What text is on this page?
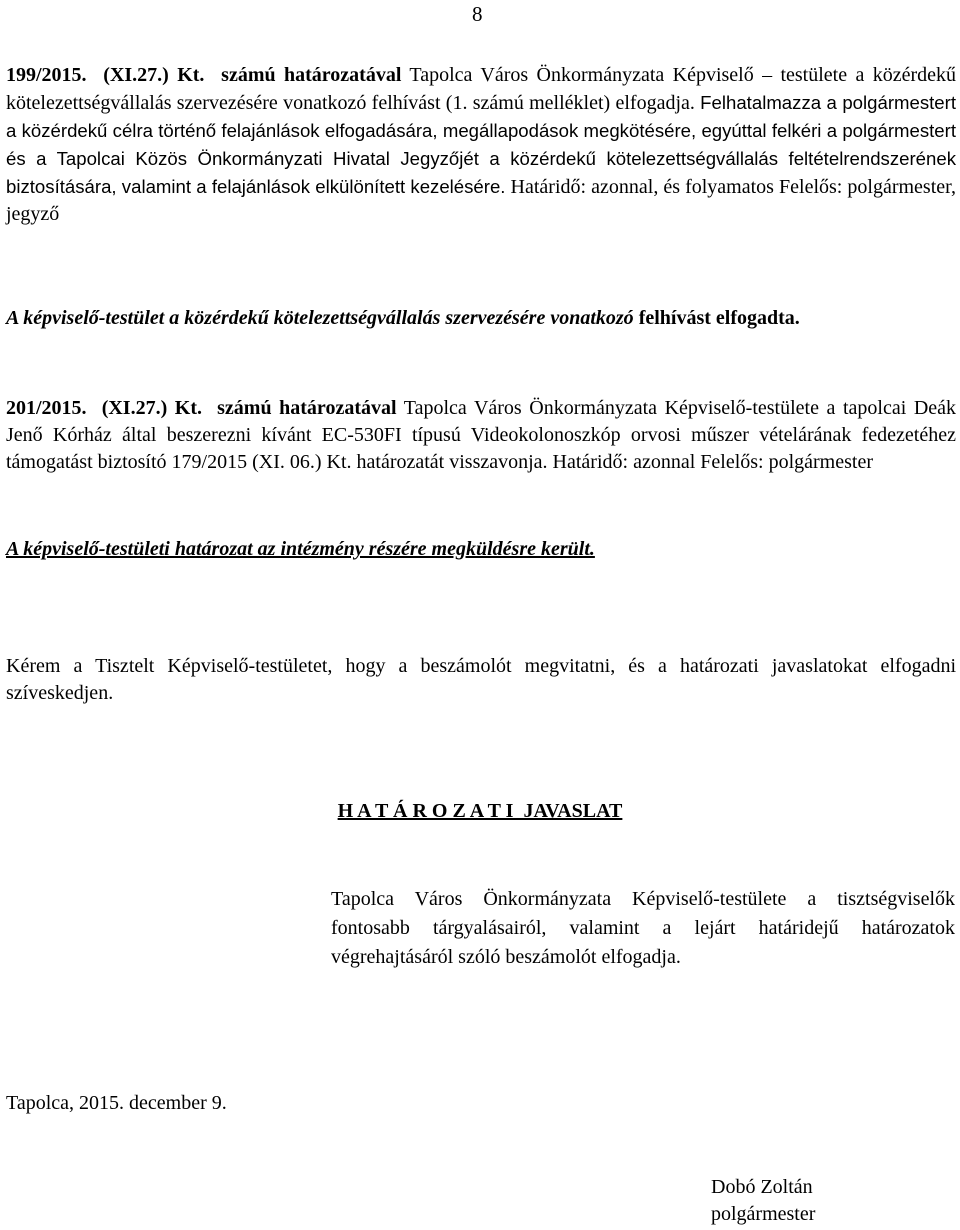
8
199/2015. (XI.27.) Kt. számú határozatával Tapolca Város Önkormányzata Képviselő – testülete a közérdekű kötelezettségvállalás szervezésére vonatkozó felhívást (1. számú melléklet) elfogadja. Felhatalmazza a polgármestert a közérdekű célra történő felajánlások elfogadására, megállapodások megkötésére, egyúttal felkéri a polgármestert és a Tapolcai Közös Önkormányzati Hivatal Jegyzőjét a közérdekű kötelezettségvállalás feltételrendszerének biztosítására, valamint a felajánlások elkülönített kezelésére. Határidő: azonnal, és folyamatos Felelős: polgármester, jegyző
A képviselő-testület a közérdekű kötelezettségvállalás szervezésére vonatkozó felhívást elfogadta.
201/2015. (XI.27.) Kt. számú határozatával Tapolca Város Önkormányzata Képviselő-testülete a tapolcai Deák Jenő Kórház által beszerezni kívánt EC-530FI típusú Videokolonoszkóp orvosi műszer vételárának fedezetéhez támogatást biztosító 179/2015 (XI. 06.) Kt. határozatát visszavonja. Határidő: azonnal Felelős: polgármester
A képviselő-testületi határozat az intézmény részére megküldésre került.
Kérem a Tisztelt Képviselő-testületet, hogy a beszámolót megvitatni, és a határozati javaslatokat elfogadni szíveskedjen.
H A T Á R O Z A T I  JAVASLAT
Tapolca Város Önkormányzata Képviselő-testülete a tisztségviselők fontosabb tárgyalásairól, valamint a lejárt határidejű határozatok végrehajtásáról szóló beszámolót elfogadja.
Tapolca, 2015. december 9.
Dobó Zoltán
polgármester
